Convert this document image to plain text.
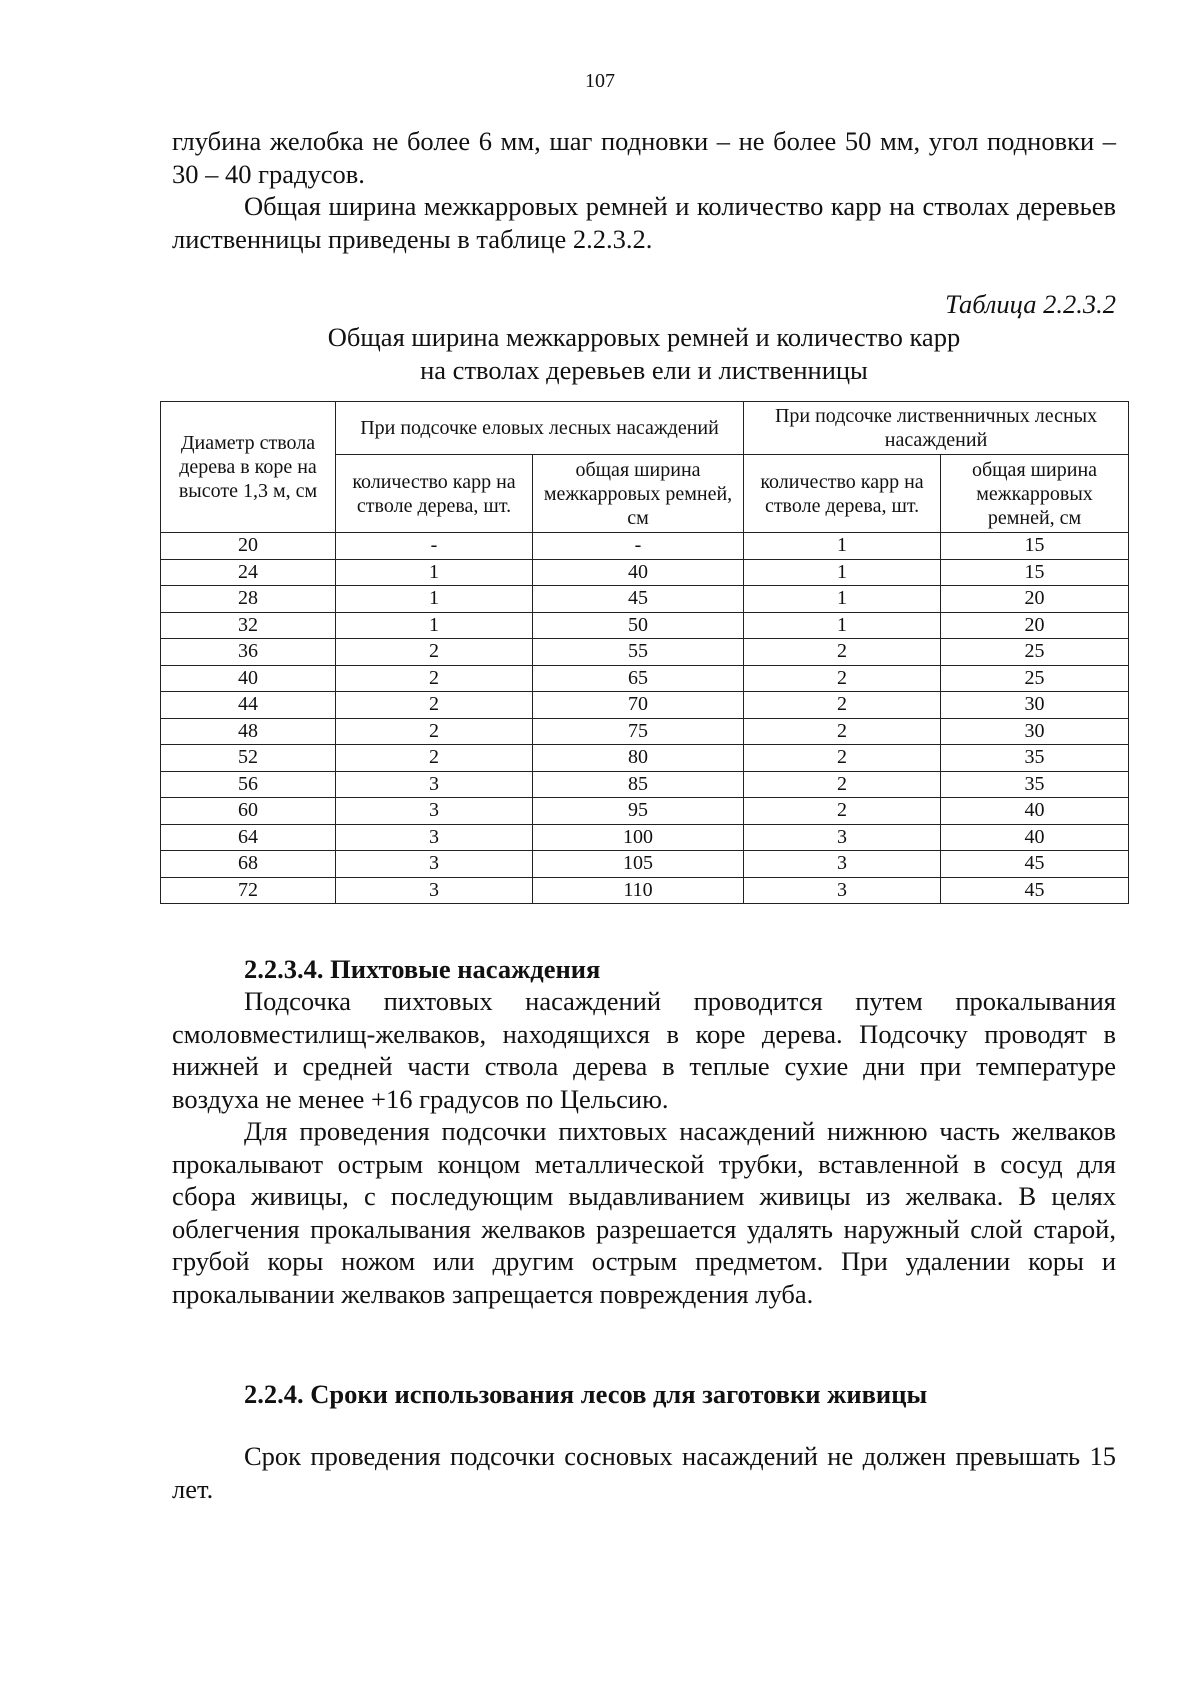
107

глубина желобка не более 6 мм, шаг подновки – не более 50 мм, угол подновки – 30 – 40 градусов.

Общая ширина межкарровых ремней и количество карр на стволах деревьев лиственницы приведены в таблице 2.2.3.2.

Таблица 2.2.3.2
Общая ширина межкарровых ремней и количество карр
на стволах деревьев ели и лиственницы
Диаметр ствола дерева в коре на высоте 1,3 м, см	При подсочке еловых лесных насаждений		При подсочке лиственничных лесных насаждений	
	количество карр на стволе дерева, шт.	общая ширина межкарровых ремней, см	количество карр на стволе дерева, шт.	общая ширина межкарровых ремней, см
20	-	-	1	15
24	1	40	1	15
28	1	45	1	20
32	1	50	1	20
36	2	55	2	25
40	2	65	2	25
44	2	70	2	30
48	2	75	2	30
52	2	80	2	35
56	3	85	2	35
60	3	95	2	40
64	3	100	3	40
68	3	105	3	45
72	3	110	3	45
2.2.3.4. Пихтовые насаждения

Подсочка пихтовых насаждений проводится путем прокалывания смоловместилищ-желваков, находящихся в коре дерева. Подсочку проводят в нижней и средней части ствола дерева в теплые сухие дни при температуре воздуха не менее +16 градусов по Цельсию.

Для проведения подсочки пихтовых насаждений нижнюю часть желваков прокалывают острым концом металлической трубки, вставленной в сосуд для сбора живицы, с последующим выдавливанием живицы из желвака. В целях облегчения прокалывания желваков разрешается удалять наружный слой старой, грубой коры ножом или другим острым предметом. При удалении коры и прокалывании желваков запрещается повреждения луба.

2.2.4. Сроки использования лесов для заготовки живицы

Срок проведения подсочки сосновых насаждений не должен превышать 15 лет.
